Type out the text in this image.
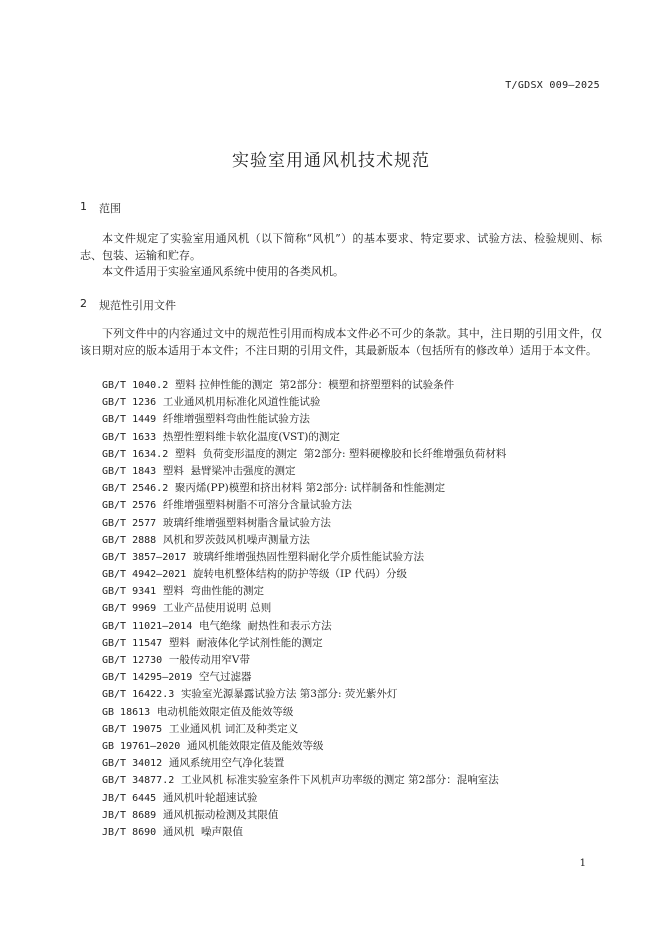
T/GDSX 009—2025
实验室用通风机技术规范
1 范围

本文件规定了实验室用通风机（以下简称“风机”）的基本要求、特定要求、试验方法、检验规则、标志、包装、运输和贮存。

本文件适用于实验室通风系统中使用的各类风机。

2 规范性引用文件

下列文件中的内容通过文中的规范性引用而构成本文件必不可少的条款。其中，注日期的引用文件，仅该日期对应的版本适用于本文件；不注日期的引用文件，其最新版本（包括所有的修改单）适用于本文件。

GB/T 1040.2 塑料 拉伸性能的测定  第2部分：模塑和挤塑塑料的试验条件
GB/T 1236 工业通风机用标准化风道性能试验
GB/T 1449 纤维增强塑料弯曲性能试验方法
GB/T 1633 热塑性塑料维卡软化温度(VST)的测定
GB/T 1634.2 塑料  负荷变形温度的测定  第2部分: 塑料硬橡胶和长纤维增强负荷材料
GB/T 1843 塑料  悬臂梁冲击强度的测定
GB/T 2546.2 聚丙烯(PP)模塑和挤出材料 第2部分: 试样制备和性能测定
GB/T 2576 纤维增强塑料树脂不可溶分含量试验方法
GB/T 2577 玻璃纤维增强塑料树脂含量试验方法
GB/T 2888 风机和罗茨鼓风机噪声测量方法
GB/T 3857—2017 玻璃纤维增强热固性塑料耐化学介质性能试验方法
GB/T 4942—2021 旋转电机整体结构的防护等级（IP 代码）分级
GB/T 9341 塑料  弯曲性能的测定
GB/T 9969 工业产品使用说明 总则
GB/T 11021—2014 电气绝缘  耐热性和表示方法
GB/T 11547 塑料  耐液体化学试剂性能的测定
GB/T 12730 一般传动用窄V带
GB/T 14295—2019 空气过滤器
GB/T 16422.3 实验室光源暴露试验方法 第3部分: 荧光紫外灯
GB 18613 电动机能效限定值及能效等级
GB/T 19075 工业通风机 词汇及种类定义
GB 19761—2020 通风机能效限定值及能效等级
GB/T 34012 通风系统用空气净化装置
GB/T 34877.2 工业风机 标准实验室条件下风机声功率级的测定 第2部分：混响室法
JB/T 6445 通风机叶轮超速试验
JB/T 8689 通风机振动检测及其限值
JB/T 8690 通风机  噪声限值
1
